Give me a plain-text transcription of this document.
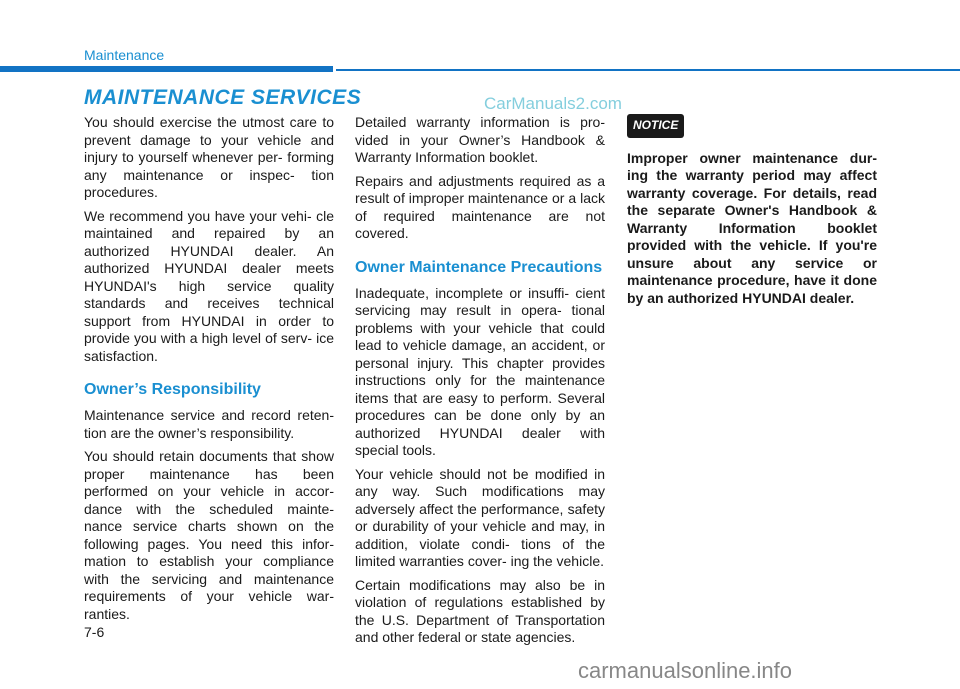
Maintenance
MAINTENANCE SERVICES	CarManuals2.com

You should exercise the utmost care to prevent damage to your vehicle and injury to yourself whenever per- forming any maintenance or inspec- tion procedures.

We recommend you have your vehi- cle maintained and repaired by an authorized HYUNDAI dealer. An authorized HYUNDAI dealer meets HYUNDAI's high service quality standards and receives technical support from HYUNDAI in order to provide you with a high level of serv- ice satisfaction.

Owner’s Responsibility

Maintenance service and record reten- tion are the owner’s responsibility.

You should retain documents that show proper maintenance has been performed on your vehicle in accor- dance with the scheduled mainte- nance service charts shown on the following pages. You need this infor- mation to establish your compliance with the servicing and maintenance requirements of your vehicle war- ranties.

Detailed warranty information is pro- vided in your Owner’s Handbook & Warranty Information booklet.

Repairs and adjustments required as a result of improper maintenance or a lack of required maintenance are not covered.

Owner Maintenance Precautions

Inadequate, incomplete or insuffi- cient servicing may result in opera- tional problems with your vehicle that could lead to vehicle damage, an accident, or personal injury. This chapter provides instructions only for the maintenance items that are easy to perform. Several procedures can be done only by an authorized HYUNDAI dealer with special tools.

Your vehicle should not be modified in any way. Such modifications may adversely affect the performance, safety or durability of your vehicle and may, in addition, violate condi- tions of the limited warranties cover- ing the vehicle.

Certain modifications may also be in violation of regulations established by the U.S. Department of Transportation and other federal or state agencies.

NOTICE

Improper owner maintenance dur- ing the warranty period may affect warranty coverage. For details, read the separate Owner's Handbook & Warranty Information booklet provided with the vehicle. If you're unsure about any service or maintenance procedure, have it done by an authorized HYUNDAI dealer.

7-6
carmanualsonline.info
